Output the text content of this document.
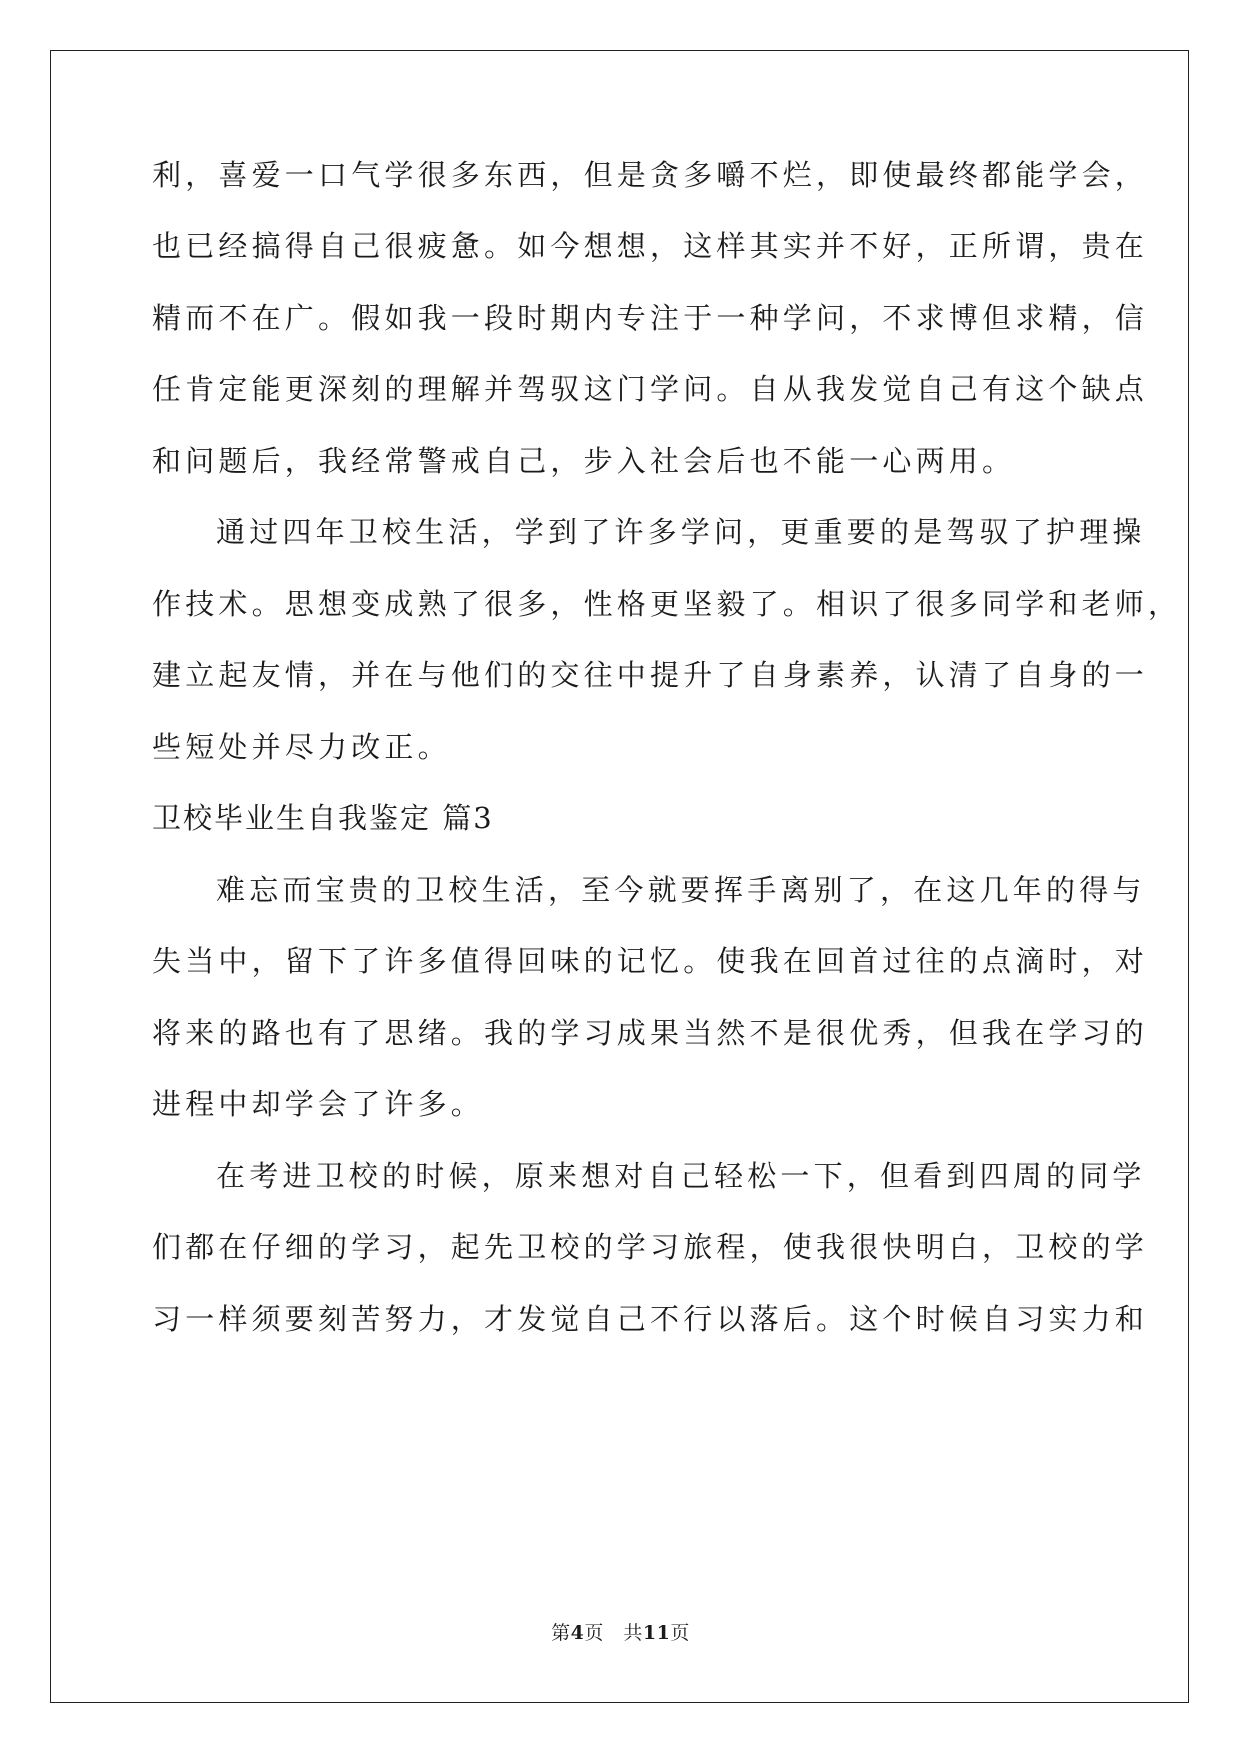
利，喜爱一口气学很多东西，但是贪多嚼不烂，即使最终都能学会，
也已经搞得自己很疲惫。如今想想，这样其实并不好，正所谓，贵在
精而不在广。假如我一段时期内专注于一种学问，不求博但求精，信
任肯定能更深刻的理解并驾驭这门学问。自从我发觉自己有这个缺点
和问题后，我经常警戒自己，步入社会后也不能一心两用。
通过四年卫校生活，学到了许多学问，更重要的是驾驭了护理操
作技术。思想变成熟了很多，性格更坚毅了。相识了很多同学和老师，
建立起友情，并在与他们的交往中提升了自身素养，认清了自身的一
些短处并尽力改正。
卫校毕业生自我鉴定 篇3
难忘而宝贵的卫校生活，至今就要挥手离别了，在这几年的得与
失当中，留下了许多值得回味的记忆。使我在回首过往的点滴时，对
将来的路也有了思绪。我的学习成果当然不是很优秀，但我在学习的
进程中却学会了许多。
在考进卫校的时候，原来想对自己轻松一下，但看到四周的同学
们都在仔细的学习，起先卫校的学习旅程，使我很快明白，卫校的学
习一样须要刻苦努力，才发觉自己不行以落后。这个时候自习实力和
第4页　共11页
